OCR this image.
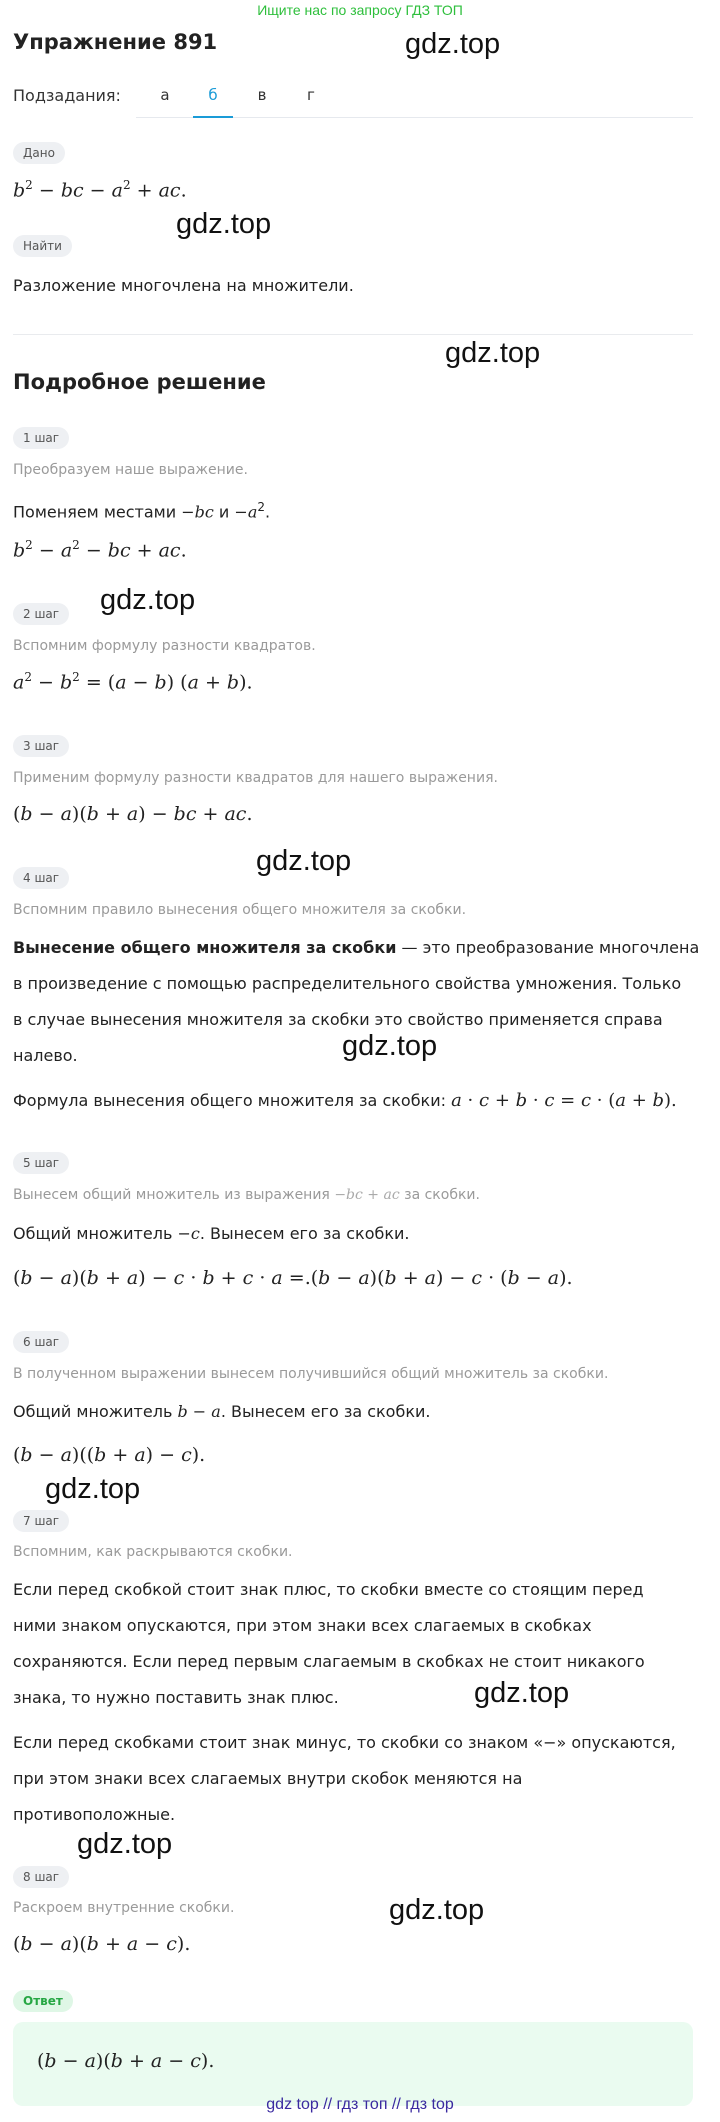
Ищите нас по запросу ГДЗ ТОП
Упражнение 891
Подзадания:	а	б	в	г
Дано
$b^2$ − bc − $a^2$ + ac.
Найти
Разложение многочлена на множители.
Подробное решение
1 шаг
Преобразуем наше выражение.
Поменяем местами −bc $и -a^2$.
$b^2 - a^2$ − bc + ac.
2 шаг
Вспомним формулу разности квадратов.
$a^2 - b^2 = (a - b) (a + b)$.
3 шаг
Применим формулу разности квадратов для нашего выражения.
(b − a)(b + a) − bc + ac.
4 шаг
Вспомним правило вынесения общего множителя за скобки.
Вынесение общего множителя за скобки — это преобразование многочлена
в произведение с помощью распределительного свойства умножения. Только
в случае вынесения множителя за скобки это свойство применяется справа
налево.
Формула вынесения общего множителя за скобки: a · c + b · c = c · (a + b).
5 шаг
Вынесем общий множитель из выражения −bc + ac за скобки.
Общий множитель −c. Вынесем его за скобки.
(b − a)(b + a) − c · b + c · a =.(b − a)(b + a) − c · (b − a).
6 шаг
В полученном выражении вынесем получившийся общий множитель за скобки.
Общий множитель b − a. Вынесем его за скобки.
(b − a)((b + a) − c).
7 шаг
Вспомним, как раскрываются скобки.
Если перед скобкой стоит знак плюс, то скобки вместе со стоящим перед
ними знаком опускаются, при этом знаки всех слагаемых в скобках
сохраняются. Если перед первым слагаемым в скобках не стоит никакого
знака, то нужно поставить знак плюс.
Если перед скобками стоит знак минус, то скобки со знаком «−» опускаются,
при этом знаки всех слагаемых внутри скобок меняются на
противоположные.
8 шаг
Раскроем внутренние скобки.
(b − a)(b + a − c).
Ответ
(b − a)(b + a − c).
gdz.top
gdz.top
gdz.top
gdz.top
gdz.top
gdz.top
gdz.top
gdz.top
gdz.top
gdz.top
gdz top // гдз топ // гдз top
